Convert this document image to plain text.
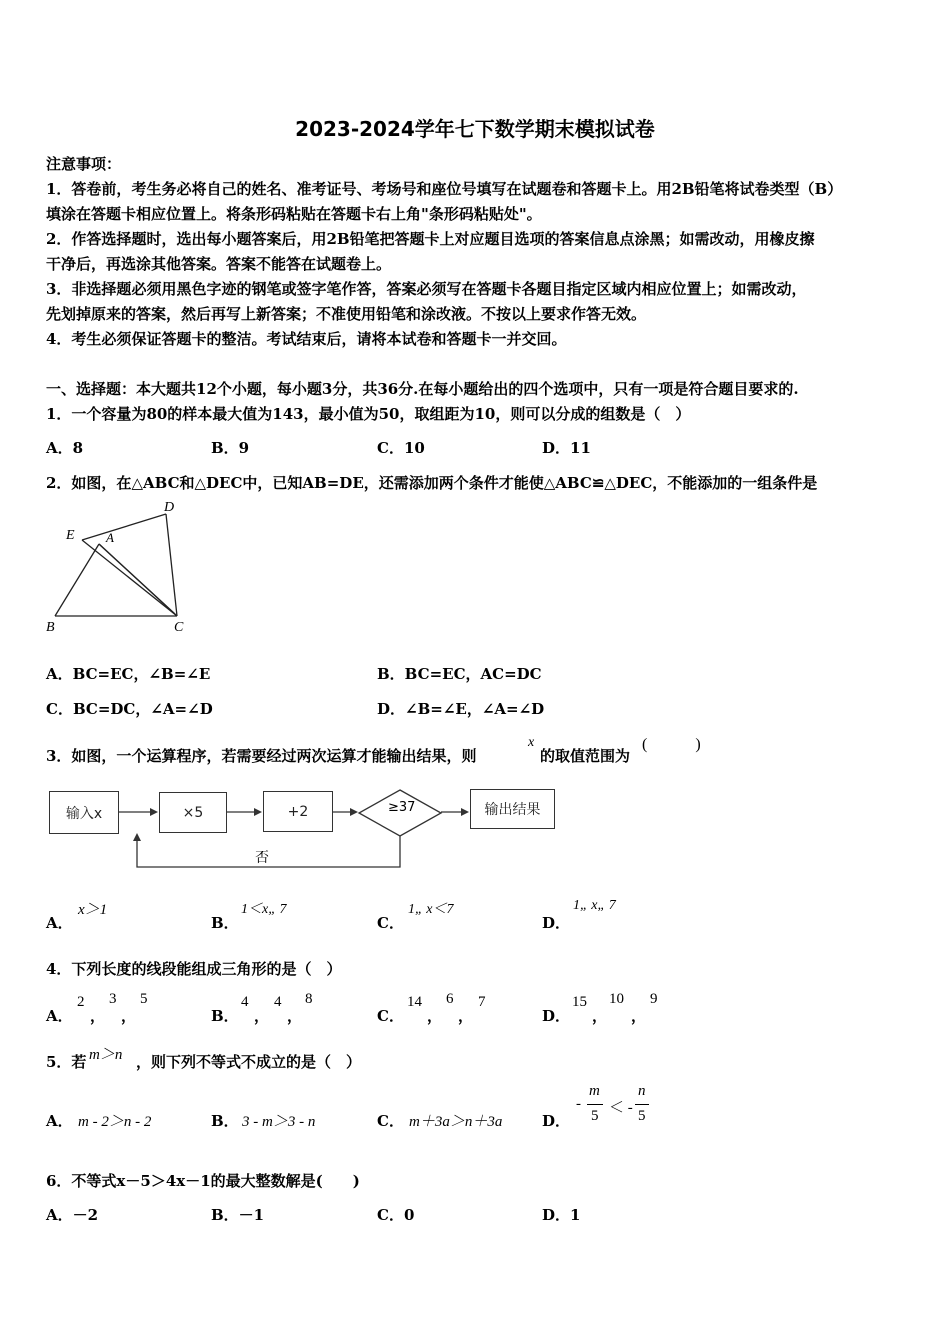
2023-2024学年七下数学期末模拟试卷
注意事项：
1．答卷前，考生务必将自己的姓名、准考证号、考场号和座位号填写在试题卷和答题卡上。用2B铅笔将试卷类型（B）
填涂在答题卡相应位置上。将条形码粘贴在答题卡右上角"条形码粘贴处"。
2．作答选择题时，选出每小题答案后，用2B铅笔把答题卡上对应题目选项的答案信息点涂黑；如需改动，用橡皮擦
干净后，再选涂其他答案。答案不能答在试题卷上。
3．非选择题必须用黑色字迹的钢笔或签字笔作答，答案必须写在答题卡各题目指定区域内相应位置上；如需改动，
先划掉原来的答案，然后再写上新答案；不准使用铅笔和涂改液。不按以上要求作答无效。
4．考生必须保证答题卡的整洁。考试结束后，请将本试卷和答题卡一并交回。
一、选择题：本大题共12个小题，每小题3分，共36分.在每小题给出的四个选项中，只有一项是符合题目要求的.
1．一个容量为80的样本最大值为143，最小值为50，取组距为10，则可以分成的组数是（　）
A．8	B．9	C．10	D．11
2．如图，在△ABC和△DEC中，已知AB=DE，还需添加两个条件才能使△ABC≌△DEC，不能添加的一组条件是
E A
D
B	C
A．BC=EC，∠B=∠E	B．BC=EC，AC=DC
C．BC=DC，∠A=∠D	D．∠B=∠E，∠A=∠D
3．如图，一个运算程序，若需要经过两次运算才能输出结果，则
x
的取值范围为
(　　　)
输入x	×5	+2	输出结果
≥37
否
A．
x＞1
B．
1＜x„ 7
C．
1„ x＜7
D．
1„ x„ 7
4．下列长度的线段能组成三角形的是（　）
A．
2
，
3
，
5
B．
4
，
4
，
8
C．
14
，
6
，
7
D．
15
，
10
，
9
5．若 m＞n ，则下列不等式不成立的是（　）
A． m - 2＞n - 2	B． 3 - m＞3 - n	C． m＋3a＞n＋3a	D．
-
m
5 ＜ -
n
5
6．不等式x－5＞4x－1的最大整数解是(　　)
A．－2	B．－1	C．0	D．1
